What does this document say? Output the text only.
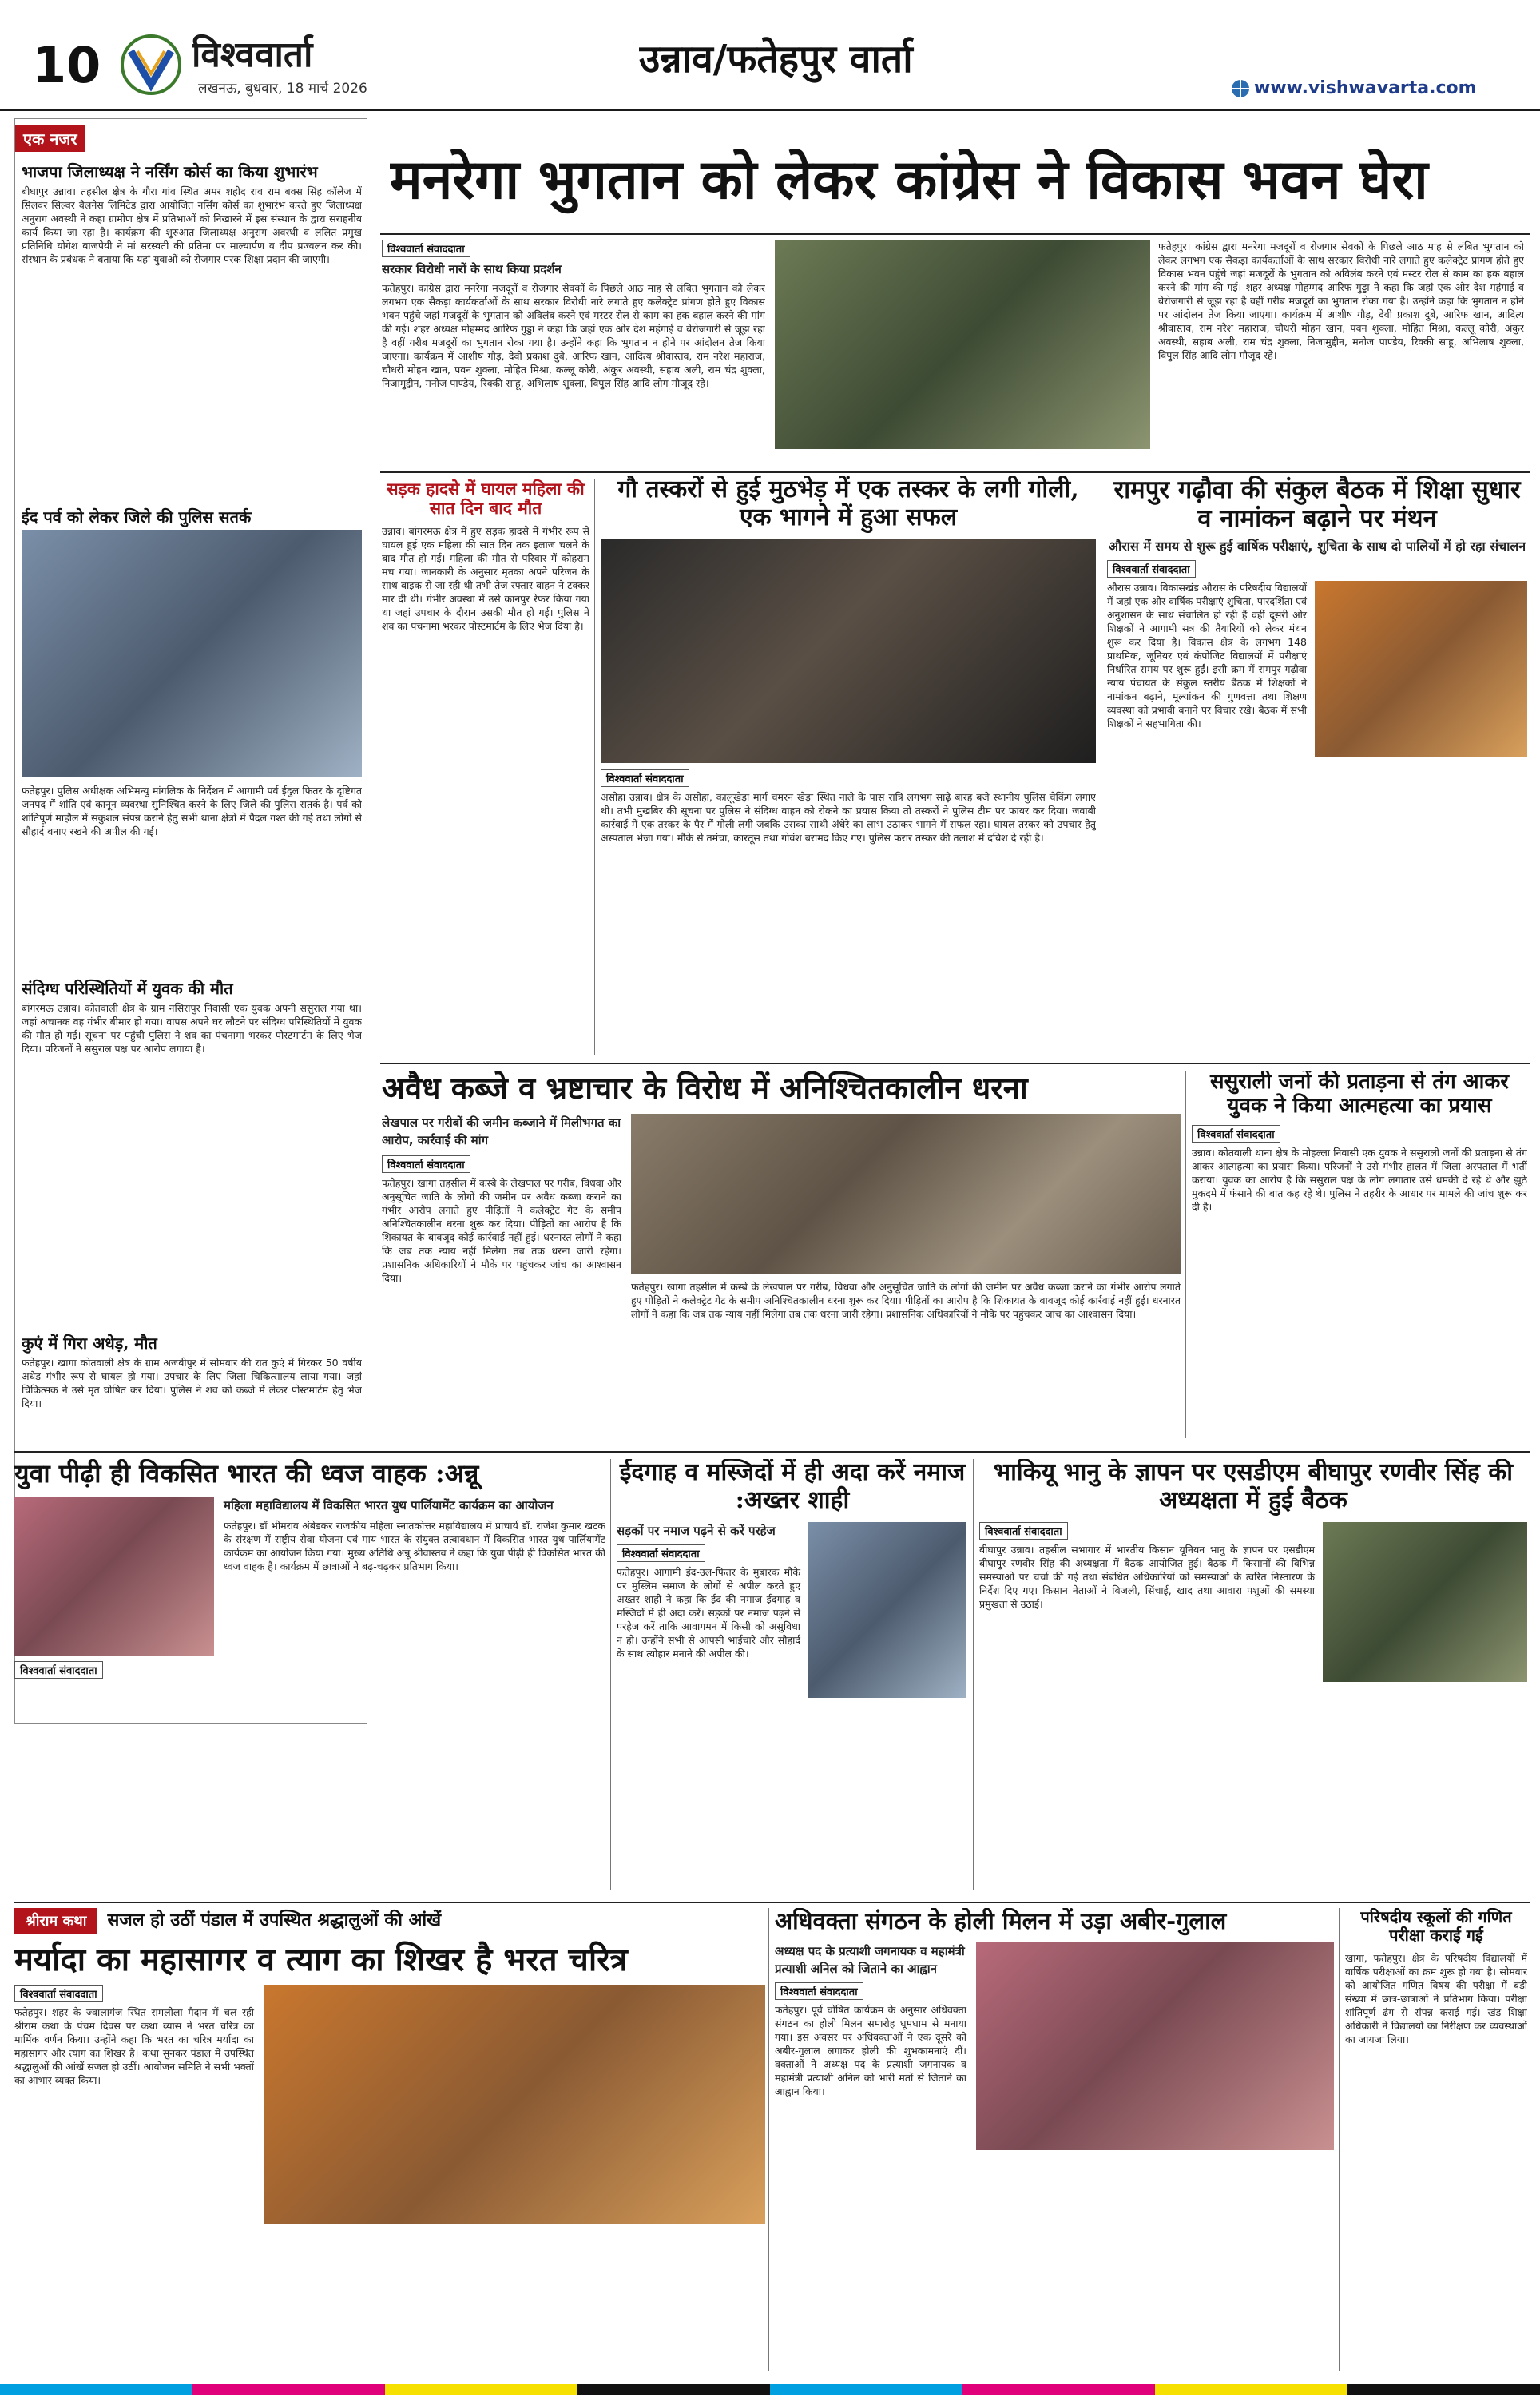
10	विश्ववार्ता
लखनऊ, बुधवार, 18 मार्च 2026
उन्नाव/फतेहपुर वार्ता
www.vishwavarta.com
एक नजर
भाजपा जिलाध्यक्ष ने नर्सिंग कोर्स का किया शुभारंभ
बीघापुर उन्नाव। तहसील क्षेत्र के गौरा गांव स्थित अमर शहीद राव राम बक्स सिंह कॉलेज में सिलवर सिल्वर वैलनेस लिमिटेड द्वारा आयोजित नर्सिंग कोर्स का शुभारंभ करते हुए जिलाध्यक्ष अनुराग अवस्थी ने कहा ग्रामीण क्षेत्र में प्रतिभाओं को निखारने में इस संस्थान के द्वारा सराहनीय कार्य किया जा रहा है। कार्यक्रम की शुरुआत जिलाध्यक्ष अनुराग अवस्थी व ललित प्रमुख प्रतिनिधि योगेश बाजपेयी ने मां सरस्वती की प्रतिमा पर माल्यार्पण व दीप प्रज्वलन कर की। संस्थान के प्रबंधक ने बताया कि यहां युवाओं को रोजगार परक शिक्षा प्रदान की जाएगी।
ईद पर्व को लेकर जिले की पुलिस सतर्क
फतेहपुर। पुलिस अधीक्षक अभिमन्यु मांगलिक के निर्देशन में आगामी पर्व ईदुल फितर के दृष्टिगत जनपद में शांति एवं कानून व्यवस्था सुनिश्चित करने के लिए जिले की पुलिस सतर्क है। पर्व को शांतिपूर्ण माहौल में सकुशल संपन्न कराने हेतु सभी थाना क्षेत्रों में पैदल गश्त की गई तथा लोगों से सौहार्द बनाए रखने की अपील की गई।
संदिग्ध परिस्थितियों में युवक की मौत
बांगरमऊ उन्नाव। कोतवाली क्षेत्र के ग्राम नसिरापुर निवासी एक युवक अपनी ससुराल गया था। जहां अचानक वह गंभीर बीमार हो गया। वापस अपने घर लौटने पर संदिग्ध परिस्थितियों में युवक की मौत हो गई। सूचना पर पहुंची पुलिस ने शव का पंचनामा भरकर पोस्टमार्टम के लिए भेज दिया। परिजनों ने ससुराल पक्ष पर आरोप लगाया है।
कुएं में गिरा अधेड़, मौत
फतेहपुर। खागा कोतवाली क्षेत्र के ग्राम अजबीपुर में सोमवार की रात कुएं में गिरकर 50 वर्षीय अधेड़ गंभीर रूप से घायल हो गया। उपचार के लिए जिला चिकित्सालय लाया गया। जहां चिकित्सक ने उसे मृत घोषित कर दिया। पुलिस ने शव को कब्जे में लेकर पोस्टमार्टम हेतु भेज दिया।
मनरेगा भुगतान को लेकर कांग्रेस ने विकास भवन घेरा
विश्ववार्ता संवाददाता
सरकार विरोधी नारों के साथ किया प्रदर्शन
फतेहपुर। कांग्रेस द्वारा मनरेगा मजदूरों व रोजगार सेवकों के पिछले आठ माह से लंबित भुगतान को लेकर लगभग एक सैकड़ा कार्यकर्ताओं के साथ सरकार विरोधी नारे लगाते हुए कलेक्ट्रेट प्रांगण होते हुए विकास भवन पहुंचे जहां मजदूरों के भुगतान को अविलंब करने एवं मस्टर रोल से काम का हक बहाल करने की मांग की गई। शहर अध्यक्ष मोहम्मद आरिफ गुड्डा ने कहा कि जहां एक ओर देश महंगाई व बेरोजगारी से जूझ रहा है वहीं गरीब मजदूरों का भुगतान रोका गया है। उन्होंने कहा कि भुगतान न होने पर आंदोलन तेज किया जाएगा। कार्यक्रम में आशीष गौड़, देवी प्रकाश दुबे, आरिफ खान, आदित्य श्रीवास्तव, राम नरेश महाराज, चौधरी मोहन खान, पवन शुक्ला, मोहित मिश्रा, कल्लू कोरी, अंकुर अवस्थी, सहाब अली, राम चंद्र शुक्ला, निजामुद्दीन, मनोज पाण्डेय, रिक्की साहू, अभिलाष शुक्ला, विपुल सिंह आदि लोग मौजूद रहे।
फतेहपुर। कांग्रेस द्वारा मनरेगा मजदूरों व रोजगार सेवकों के पिछले आठ माह से लंबित भुगतान को लेकर लगभग एक सैकड़ा कार्यकर्ताओं के साथ सरकार विरोधी नारे लगाते हुए कलेक्ट्रेट प्रांगण होते हुए विकास भवन पहुंचे जहां मजदूरों के भुगतान को अविलंब करने एवं मस्टर रोल से काम का हक बहाल करने की मांग की गई। शहर अध्यक्ष मोहम्मद आरिफ गुड्डा ने कहा कि जहां एक ओर देश महंगाई व बेरोजगारी से जूझ रहा है वहीं गरीब मजदूरों का भुगतान रोका गया है। उन्होंने कहा कि भुगतान न होने पर आंदोलन तेज किया जाएगा। कार्यक्रम में आशीष गौड़, देवी प्रकाश दुबे, आरिफ खान, आदित्य श्रीवास्तव, राम नरेश महाराज, चौधरी मोहन खान, पवन शुक्ला, मोहित मिश्रा, कल्लू कोरी, अंकुर अवस्थी, सहाब अली, राम चंद्र शुक्ला, निजामुद्दीन, मनोज पाण्डेय, रिक्की साहू, अभिलाष शुक्ला, विपुल सिंह आदि लोग मौजूद रहे।
सड़क हादसे में घायल महिला की सात दिन बाद मौत
उन्नाव। बांगरमऊ क्षेत्र में हुए सड़क हादसे में गंभीर रूप से घायल हुई एक महिला की सात दिन तक इलाज चलने के बाद मौत हो गई। महिला की मौत से परिवार में कोहराम मच गया। जानकारी के अनुसार मृतका अपने परिजन के साथ बाइक से जा रही थी तभी तेज रफ्तार वाहन ने टक्कर मार दी थी। गंभीर अवस्था में उसे कानपुर रेफर किया गया था जहां उपचार के दौरान उसकी मौत हो गई। पुलिस ने शव का पंचनामा भरकर पोस्टमार्टम के लिए भेज दिया है।
गौ तस्करों से हुई मुठभेड़ में एक तस्कर के लगी गोली, एक भागने में हुआ सफल
विश्ववार्ता संवाददाता
असोहा उन्नाव। क्षेत्र के असोहा, कालूखेड़ा मार्ग चमरन खेड़ा स्थित नाले के पास रात्रि लगभग साढ़े बारह बजे स्थानीय पुलिस चेकिंग लगाए थी। तभी मुखबिर की सूचना पर पुलिस ने संदिग्ध वाहन को रोकने का प्रयास किया तो तस्करों ने पुलिस टीम पर फायर कर दिया। जवाबी कार्रवाई में एक तस्कर के पैर में गोली लगी जबकि उसका साथी अंधेरे का लाभ उठाकर भागने में सफल रहा। घायल तस्कर को उपचार हेतु अस्पताल भेजा गया। मौके से तमंचा, कारतूस तथा गोवंश बरामद किए गए। पुलिस फरार तस्कर की तलाश में दबिश दे रही है।
रामपुर गढ़ौवा की संकुल बैठक में शिक्षा सुधार व नामांकन बढ़ाने पर मंथन
औरास में समय से शुरू हुई वार्षिक परीक्षाएं, शुचिता के साथ दो पालियों में हो रहा संचालन
विश्ववार्ता संवाददाता
औरास उन्नाव। विकासखंड औरास के परिषदीय विद्यालयों में जहां एक ओर वार्षिक परीक्षाएं शुचिता, पारदर्शिता एवं अनुशासन के साथ संचालित हो रही हैं वहीं दूसरी ओर शिक्षकों ने आगामी सत्र की तैयारियों को लेकर मंथन शुरू कर दिया है। विकास क्षेत्र के लगभग 148 प्राथमिक, जूनियर एवं कंपोजिट विद्यालयों में परीक्षाएं निर्धारित समय पर शुरू हुईं। इसी क्रम में रामपुर गढ़ौवा न्याय पंचायत के संकुल स्तरीय बैठक में शिक्षकों ने नामांकन बढ़ाने, मूल्यांकन की गुणवत्ता तथा शिक्षण व्यवस्था को प्रभावी बनाने पर विचार रखे। बैठक में सभी शिक्षकों ने सहभागिता की।
अवैध कब्जे व भ्रष्टाचार के विरोध में अनिश्चितकालीन धरना
लेखपाल पर गरीबों की जमीन कब्जाने में मिलीभगत का आरोप, कार्रवाई की मांग
विश्ववार्ता संवाददाता
फतेहपुर। खागा तहसील में कस्बे के लेखपाल पर गरीब, विधवा और अनुसूचित जाति के लोगों की जमीन पर अवैध कब्जा कराने का गंभीर आरोप लगाते हुए पीड़ितों ने कलेक्ट्रेट गेट के समीप अनिश्चितकालीन धरना शुरू कर दिया। पीड़ितों का आरोप है कि शिकायत के बावजूद कोई कार्रवाई नहीं हुई। धरनारत लोगों ने कहा कि जब तक न्याय नहीं मिलेगा तब तक धरना जारी रहेगा। प्रशासनिक अधिकारियों ने मौके पर पहुंचकर जांच का आश्वासन दिया।
फतेहपुर। खागा तहसील में कस्बे के लेखपाल पर गरीब, विधवा और अनुसूचित जाति के लोगों की जमीन पर अवैध कब्जा कराने का गंभीर आरोप लगाते हुए पीड़ितों ने कलेक्ट्रेट गेट के समीप अनिश्चितकालीन धरना शुरू कर दिया। पीड़ितों का आरोप है कि शिकायत के बावजूद कोई कार्रवाई नहीं हुई। धरनारत लोगों ने कहा कि जब तक न्याय नहीं मिलेगा तब तक धरना जारी रहेगा। प्रशासनिक अधिकारियों ने मौके पर पहुंचकर जांच का आश्वासन दिया।
ससुराली जनों की प्रताड़ना से तंग आकर युवक ने किया आत्महत्या का प्रयास
विश्ववार्ता संवाददाता
उन्नाव। कोतवाली थाना क्षेत्र के मोहल्ला निवासी एक युवक ने ससुराली जनों की प्रताड़ना से तंग आकर आत्महत्या का प्रयास किया। परिजनों ने उसे गंभीर हालत में जिला अस्पताल में भर्ती कराया। युवक का आरोप है कि ससुराल पक्ष के लोग लगातार उसे धमकी दे रहे थे और झूठे मुकदमे में फंसाने की बात कह रहे थे। पुलिस ने तहरीर के आधार पर मामले की जांच शुरू कर दी है।
युवा पीढ़ी ही विकसित भारत की ध्वज वाहक :अन्नू
विश्ववार्ता संवाददाता
महिला महाविद्यालय में विकसित भारत युथ पार्लियामेंट कार्यक्रम का आयोजन
फतेहपुर। डॉ भीमराव अंबेडकर राजकीय महिला स्नातकोत्तर महाविद्यालय में प्राचार्य डॉ. राजेश कुमार खटक के संरक्षण में राष्ट्रीय सेवा योजना एवं माय भारत के संयुक्त तत्वावधान में विकसित भारत युथ पार्लियामेंट कार्यक्रम का आयोजन किया गया। मुख्य अतिथि अन्नू श्रीवास्तव ने कहा कि युवा पीढ़ी ही विकसित भारत की ध्वज वाहक है। कार्यक्रम में छात्राओं ने बढ़-चढ़कर प्रतिभाग किया।
ईदगाह व मस्जिदों में ही अदा करें नमाज :अख्तर शाही
सड़कों पर नमाज पढ़ने से करें परहेज
विश्ववार्ता संवाददाता
फतेहपुर। आगामी ईद-उल-फितर के मुबारक मौके पर मुस्लिम समाज के लोगों से अपील करते हुए अख्तर शाही ने कहा कि ईद की नमाज ईदगाह व मस्जिदों में ही अदा करें। सड़कों पर नमाज पढ़ने से परहेज करें ताकि आवागमन में किसी को असुविधा न हो। उन्होंने सभी से आपसी भाईचारे और सौहार्द के साथ त्योहार मनाने की अपील की।
भाकियू भानु के ज्ञापन पर एसडीएम बीघापुर रणवीर सिंह की अध्यक्षता में हुई बैठक
विश्ववार्ता संवाददाता
बीघापुर उन्नाव। तहसील सभागार में भारतीय किसान यूनियन भानु के ज्ञापन पर एसडीएम बीघापुर रणवीर सिंह की अध्यक्षता में बैठक आयोजित हुई। बैठक में किसानों की विभिन्न समस्याओं पर चर्चा की गई तथा संबंधित अधिकारियों को समस्याओं के त्वरित निस्तारण के निर्देश दिए गए। किसान नेताओं ने बिजली, सिंचाई, खाद तथा आवारा पशुओं की समस्या प्रमुखता से उठाई।
श्रीराम कथा	सजल हो उठीं पंडाल में उपस्थित श्रद्धालुओं की आंखें
मर्यादा का महासागर व त्याग का शिखर है भरत चरित्र
विश्ववार्ता संवाददाता
फतेहपुर। शहर के ज्वालागंज स्थित रामलीला मैदान में चल रही श्रीराम कथा के पंचम दिवस पर कथा व्यास ने भरत चरित्र का मार्मिक वर्णन किया। उन्होंने कहा कि भरत का चरित्र मर्यादा का महासागर और त्याग का शिखर है। कथा सुनकर पंडाल में उपस्थित श्रद्धालुओं की आंखें सजल हो उठीं। आयोजन समिति ने सभी भक्तों का आभार व्यक्त किया।
अधिवक्ता संगठन के होली मिलन में उड़ा अबीर-गुलाल
अध्यक्ष पद के प्रत्याशी जगनायक व महामंत्री प्रत्याशी अनिल को जिताने का आह्वान
विश्ववार्ता संवाददाता
फतेहपुर। पूर्व घोषित कार्यक्रम के अनुसार अधिवक्ता संगठन का होली मिलन समारोह धूमधाम से मनाया गया। इस अवसर पर अधिवक्ताओं ने एक दूसरे को अबीर-गुलाल लगाकर होली की शुभकामनाएं दीं। वक्ताओं ने अध्यक्ष पद के प्रत्याशी जगनायक व महामंत्री प्रत्याशी अनिल को भारी मतों से जिताने का आह्वान किया।
परिषदीय स्कूलों की गणित परीक्षा कराई गई
खागा, फतेहपुर। क्षेत्र के परिषदीय विद्यालयों में वार्षिक परीक्षाओं का क्रम शुरू हो गया है। सोमवार को आयोजित गणित विषय की परीक्षा में बड़ी संख्या में छात्र-छात्राओं ने प्रतिभाग किया। परीक्षा शांतिपूर्ण ढंग से संपन्न कराई गई। खंड शिक्षा अधिकारी ने विद्यालयों का निरीक्षण कर व्यवस्थाओं का जायजा लिया।
